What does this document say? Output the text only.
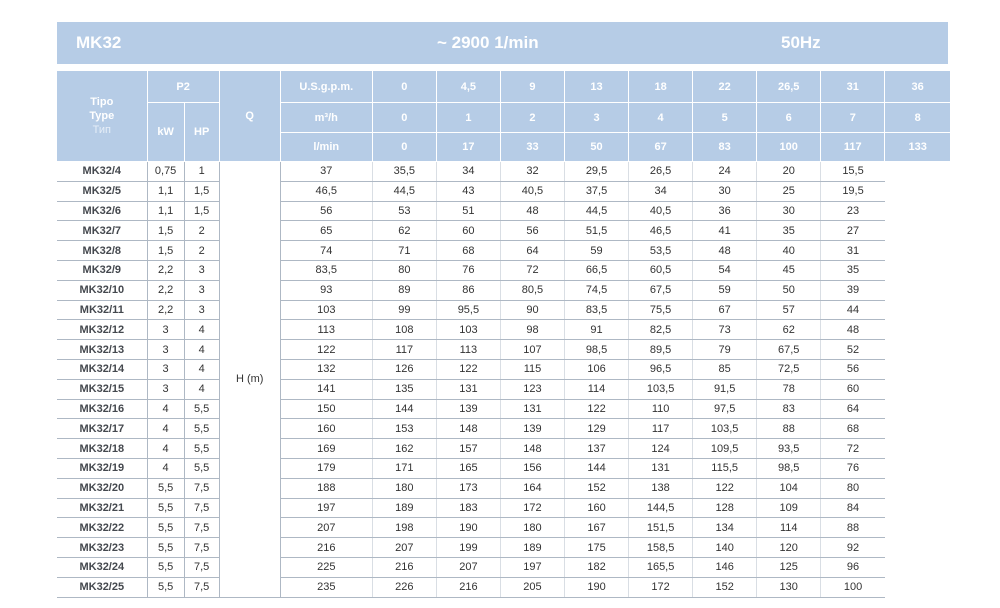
MK32	~ 2900 1/min	50Hz
Tipo
Type
Тип	P2		Q	U.S.g.p.m.	0	4,5	9	13	18	22	26,5	31	36
	kW	HP		m³/h	0	1	2	3	4	5	6	7	8
				l/min	0	17	33	50	67	83	100	117	133
MK32/4	0,75	1	H (m)	37	35,5	34	32	29,5	26,5	24	20	15,5	
MK32/5	1,1	1,5		46,5	44,5	43	40,5	37,5	34	30	25	19,5	
MK32/6	1,1	1,5		56	53	51	48	44,5	40,5	36	30	23	
MK32/7	1,5	2		65	62	60	56	51,5	46,5	41	35	27	
MK32/8	1,5	2		74	71	68	64	59	53,5	48	40	31	
MK32/9	2,2	3		83,5	80	76	72	66,5	60,5	54	45	35	
MK32/10	2,2	3		93	89	86	80,5	74,5	67,5	59	50	39	
MK32/11	2,2	3		103	99	95,5	90	83,5	75,5	67	57	44	
MK32/12	3	4		113	108	103	98	91	82,5	73	62	48	
MK32/13	3	4		122	117	113	107	98,5	89,5	79	67,5	52	
MK32/14	3	4		132	126	122	115	106	96,5	85	72,5	56	
MK32/15	3	4		141	135	131	123	114	103,5	91,5	78	60	
MK32/16	4	5,5		150	144	139	131	122	110	97,5	83	64	
MK32/17	4	5,5		160	153	148	139	129	117	103,5	88	68	
MK32/18	4	5,5		169	162	157	148	137	124	109,5	93,5	72	
MK32/19	4	5,5		179	171	165	156	144	131	115,5	98,5	76	
MK32/20	5,5	7,5		188	180	173	164	152	138	122	104	80	
MK32/21	5,5	7,5		197	189	183	172	160	144,5	128	109	84	
MK32/22	5,5	7,5		207	198	190	180	167	151,5	134	114	88	
MK32/23	5,5	7,5		216	207	199	189	175	158,5	140	120	92	
MK32/24	5,5	7,5		225	216	207	197	182	165,5	146	125	96	
MK32/25	5,5	7,5		235	226	216	205	190	172	152	130	100	
